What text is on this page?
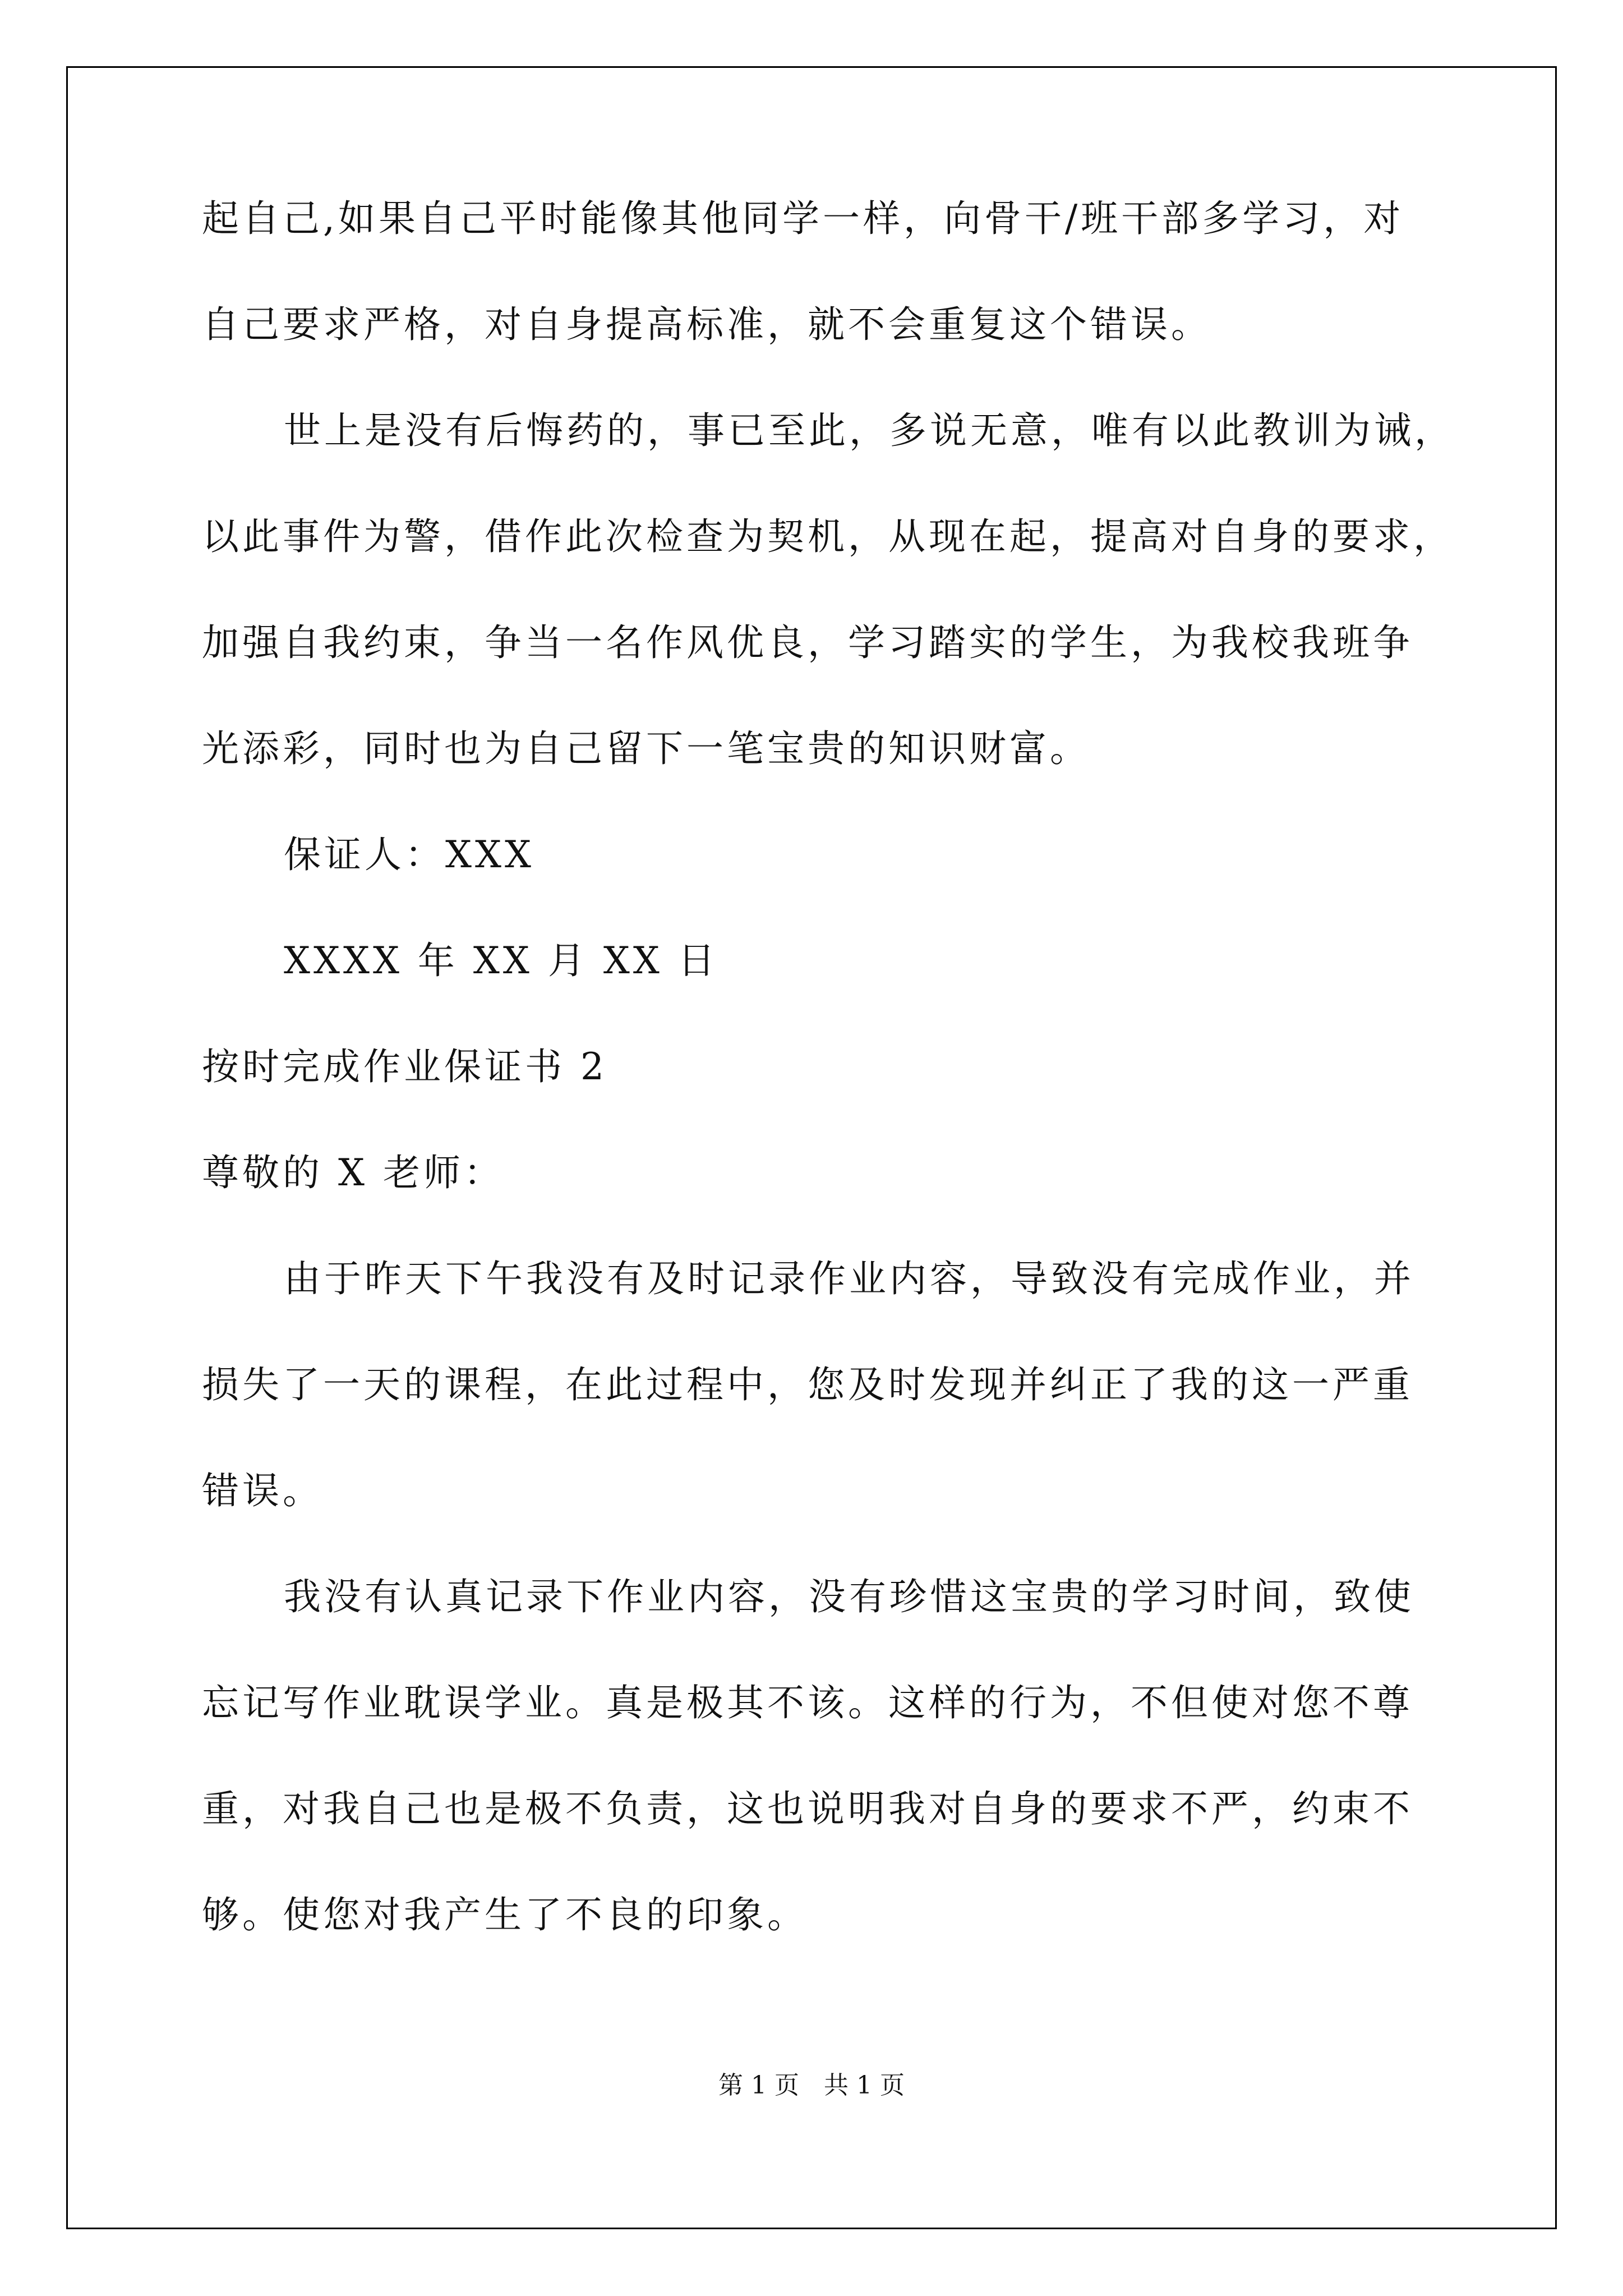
起自己,如果自己平时能像其他同学一样，向骨干/班干部多学习，对
自己要求严格，对自身提高标准，就不会重复这个错误。
世上是没有后悔药的，事已至此，多说无意，唯有以此教训为诫，
以此事件为警，借作此次检查为契机，从现在起，提高对自身的要求，
加强自我约束，争当一名作风优良，学习踏实的学生，为我校我班争
光添彩，同时也为自己留下一笔宝贵的知识财富。
保证人：XXX
XXXX 年 XX 月 XX 日
按时完成作业保证书 2
尊敬的 X 老师：
由于昨天下午我没有及时记录作业内容，导致没有完成作业，并
损失了一天的课程，在此过程中，您及时发现并纠正了我的这一严重
错误。
我没有认真记录下作业内容，没有珍惜这宝贵的学习时间，致使
忘记写作业耽误学业。真是极其不该。这样的行为，不但使对您不尊
重，对我自己也是极不负责，这也说明我对自身的要求不严，约束不
够。使您对我产生了不良的印象。
第 1 页　共 1 页
